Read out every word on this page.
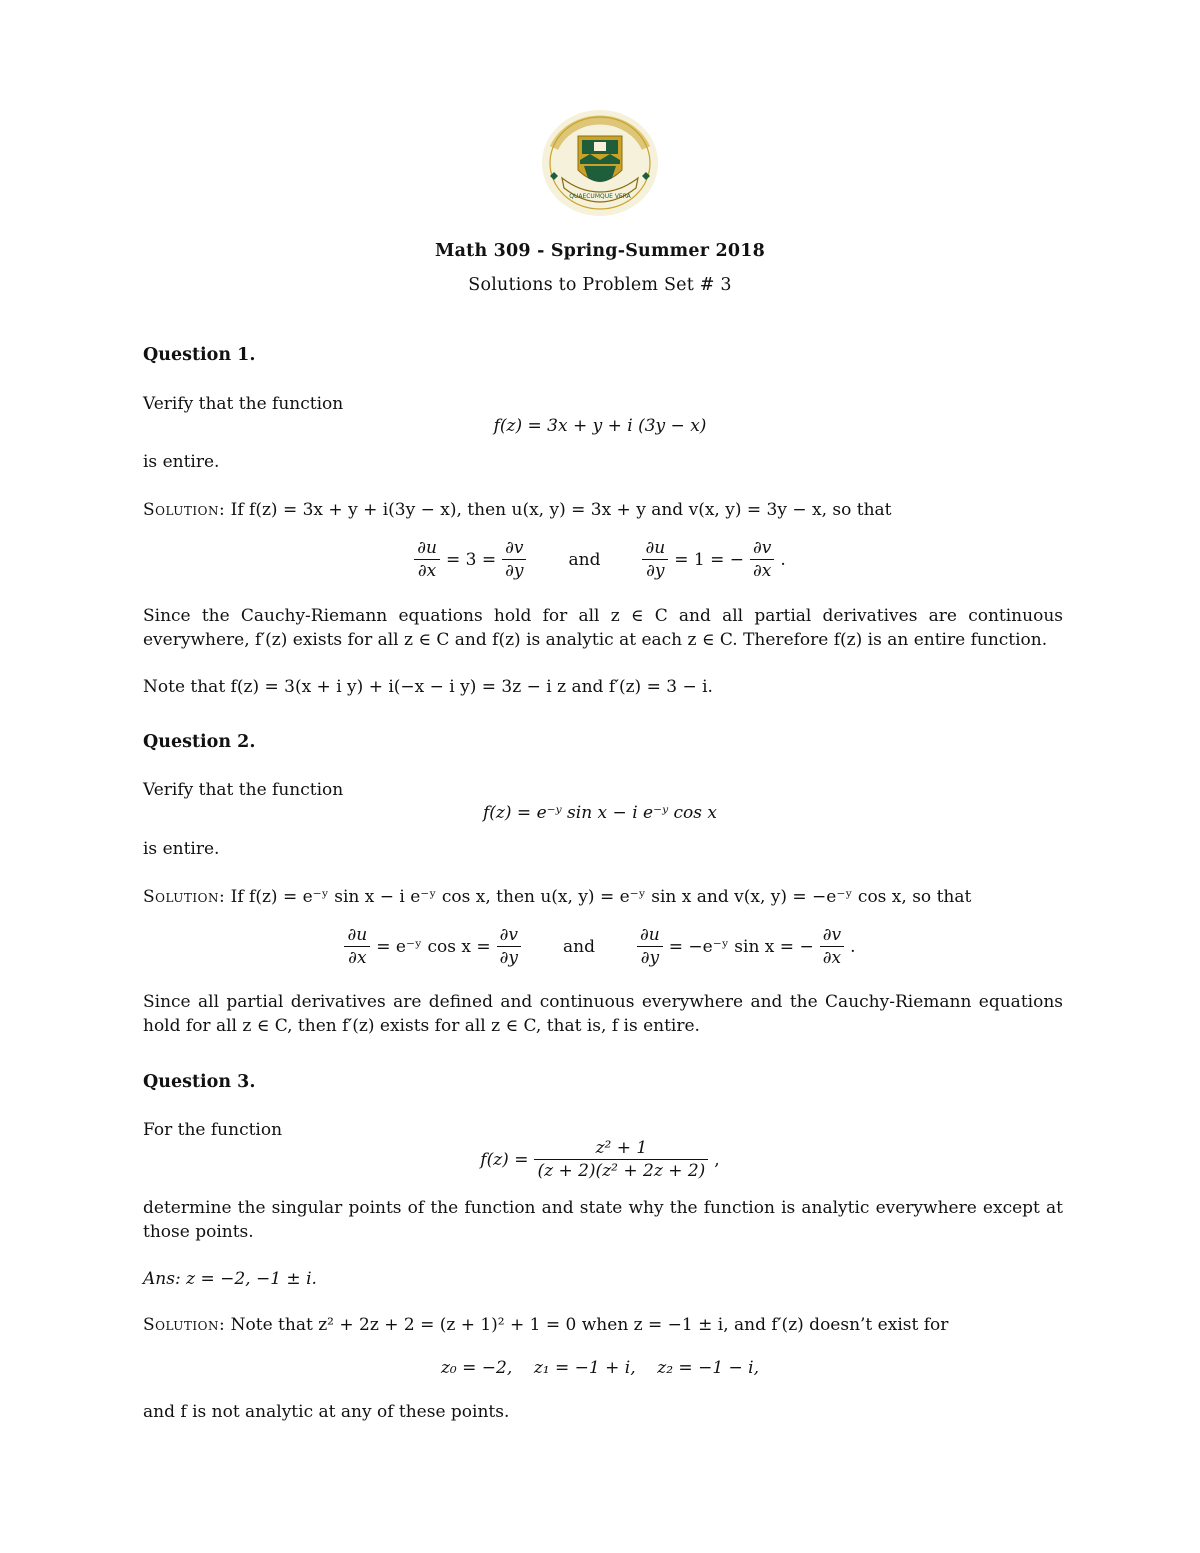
QUAECUMQUE VERA
Math 309 - Spring-Summer 2018
Solutions to Problem Set # 3
Question 1.
Verify that the function
f(z) = 3x + y + i (3y − x)
is entire.
Solution: If f(z) = 3x + y + i(3y − x), then u(x, y) = 3x + y and v(x, y) = 3y − x, so that
$\frac{\partial u}{\partial x} = 3 = \frac{\partial v}{\partial y}$ and $\frac{\partial u}{\partial y} = 1$ = − $\frac{\partial v}{\partial x}$ .
Since the Cauchy-Riemann equations hold for all z ∈ C and all partial derivatives are continuous everywhere, f′(z) exists for all z ∈ C and f(z) is analytic at each z ∈ C. Therefore f(z) is an entire function.
Note that f(z) = 3(x + i y) + i(−x − i y) = 3z − i z and f′(z) = 3 − i.
Question 2.
Verify that the function
f(z) = e⁻ʸ sin x − i e⁻ʸ cos x
is entire.
Solution: If f(z) = e⁻ʸ sin x − i e⁻ʸ cos x, then u(x, y) = e⁻ʸ sin x and v(x, y) = −e⁻ʸ cos x, so that
$\frac{\partial u}{\partial x}$ = e⁻ʸ $\cos x = \frac{\partial v}{\partial y}$ and $\frac{\partial u}{\partial y}$ = −e⁻ʸ sin x = − $\frac{\partial v}{\partial x}$ .
Since all partial derivatives are defined and continuous everywhere and the Cauchy-Riemann equations hold for all z ∈ C, then f′(z) exists for all z ∈ C, that is, f is entire.
Question 3.
For the function
$f(z) = \frac{\text{z² + 1}}{\text{(z + 2)(z² + 2z + 2)}}$ ,
determine the singular points of the function and state why the function is analytic everywhere except at those points.
Ans: z = −2, −1 ± i.
Solution: Note that z² + 2z + 2 = (z + 1)² + 1 = 0 when z = −1 ± i, and f′(z) doesn’t exist for
z₀ = −2,    z₁ = −1 + i,    z₂ = −1 − i,
and f is not analytic at any of these points.
